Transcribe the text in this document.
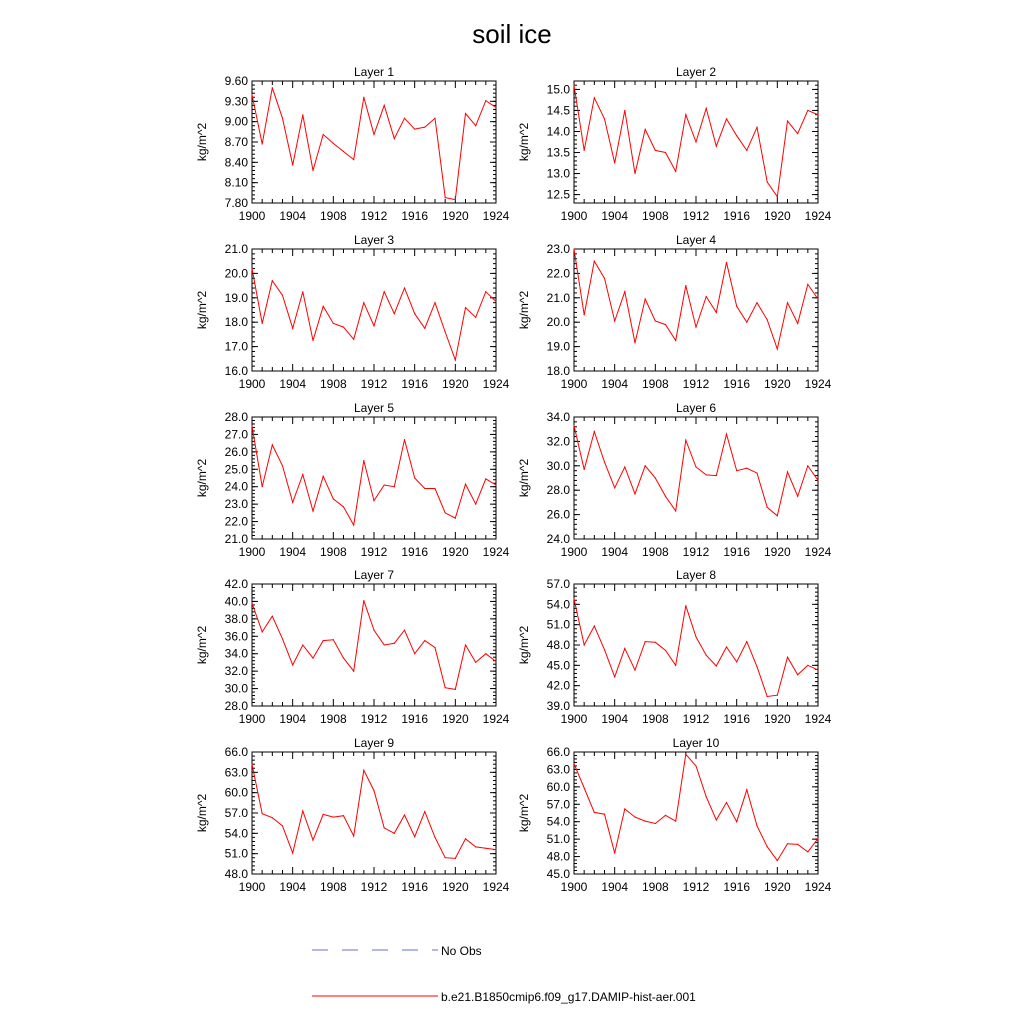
soil ice
Layer 1
kg/m^2
1900 1904 1908 1912 1916 1920 1924
7.80
8.10
8.40
8.70
9.00
9.30
9.60
Layer 2
kg/m^2
1900 1904 1908 1912 1916 1920 1924
12.5
13.0
13.5
14.0
14.5
15.0
Layer 3
kg/m^2
1900 1904 1908 1912 1916 1920 1924
16.0
17.0
18.0
19.0
20.0
21.0
Layer 4
kg/m^2
1900 1904 1908 1912 1916 1920 1924
18.0
19.0
20.0
21.0
22.0
23.0
Layer 5
kg/m^2
1900 1904 1908 1912 1916 1920 1924
21.0
22.0
23.0
24.0
25.0
26.0
27.0
28.0
Layer 6
kg/m^2
1900 1904 1908 1912 1916 1920 1924
24.0
26.0
28.0
30.0
32.0
34.0
Layer 7
kg/m^2
1900 1904 1908 1912 1916 1920 1924
28.0
30.0
32.0
34.0
36.0
38.0
40.0
42.0
Layer 8
kg/m^2
1900 1904 1908 1912 1916 1920 1924
39.0
42.0
45.0
48.0
51.0
54.0
57.0
Layer 9
kg/m^2
1900 1904 1908 1912 1916 1920 1924
48.0
51.0
54.0
57.0
60.0
63.0
66.0
Layer 10
kg/m^2
1900 1904 1908 1912 1916 1920 1924
45.0
48.0
51.0
54.0
57.0
60.0
63.0
66.0
No Obs
b.e21.B1850cmip6.f09_g17.DAMIP-hist-aer.001
